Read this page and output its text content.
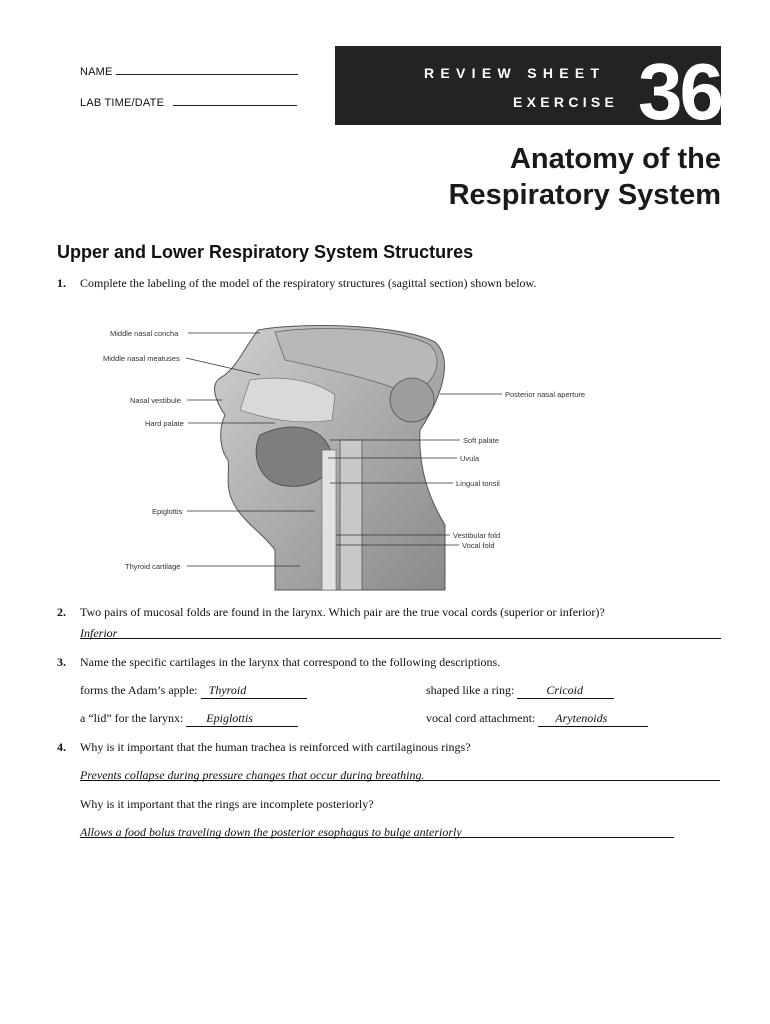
NAME
LAB TIME/DATE
REVIEW SHEET
EXERCISE 36
Anatomy of the
Respiratory System
Upper and Lower Respiratory System Structures
1. Complete the labeling of the model of the respiratory structures (sagittal section) shown below.
Middle nasal concha
Middle nasal meatuses
Nasal vestibule
Hard palate
Epiglottis
Thyroid cartilage
Posterior nasal aperture
Soft palate
Uvula
Lingual tonsil
Vestibular fold
Vocal fold
2. Two pairs of mucosal folds are found in the larynx. Which pair are the true vocal cords (superior or inferior)?
Inferior
3. Name the specific cartilages in the larynx that correspond to the following descriptions.
forms the Adam’s apple: Thyroid	shaped like a ring:	Cricoid
a “lid” for the larynx: Epiglottis	vocal cord attachment: Arytenoids
4. Why is it important that the human trachea is reinforced with cartilaginous rings?
Prevents collapse during pressure changes that occur during breathing.
Why is it important that the rings are incomplete posteriorly?
Allows a food bolus traveling down the posterior esophagus to bulge anteriorly
